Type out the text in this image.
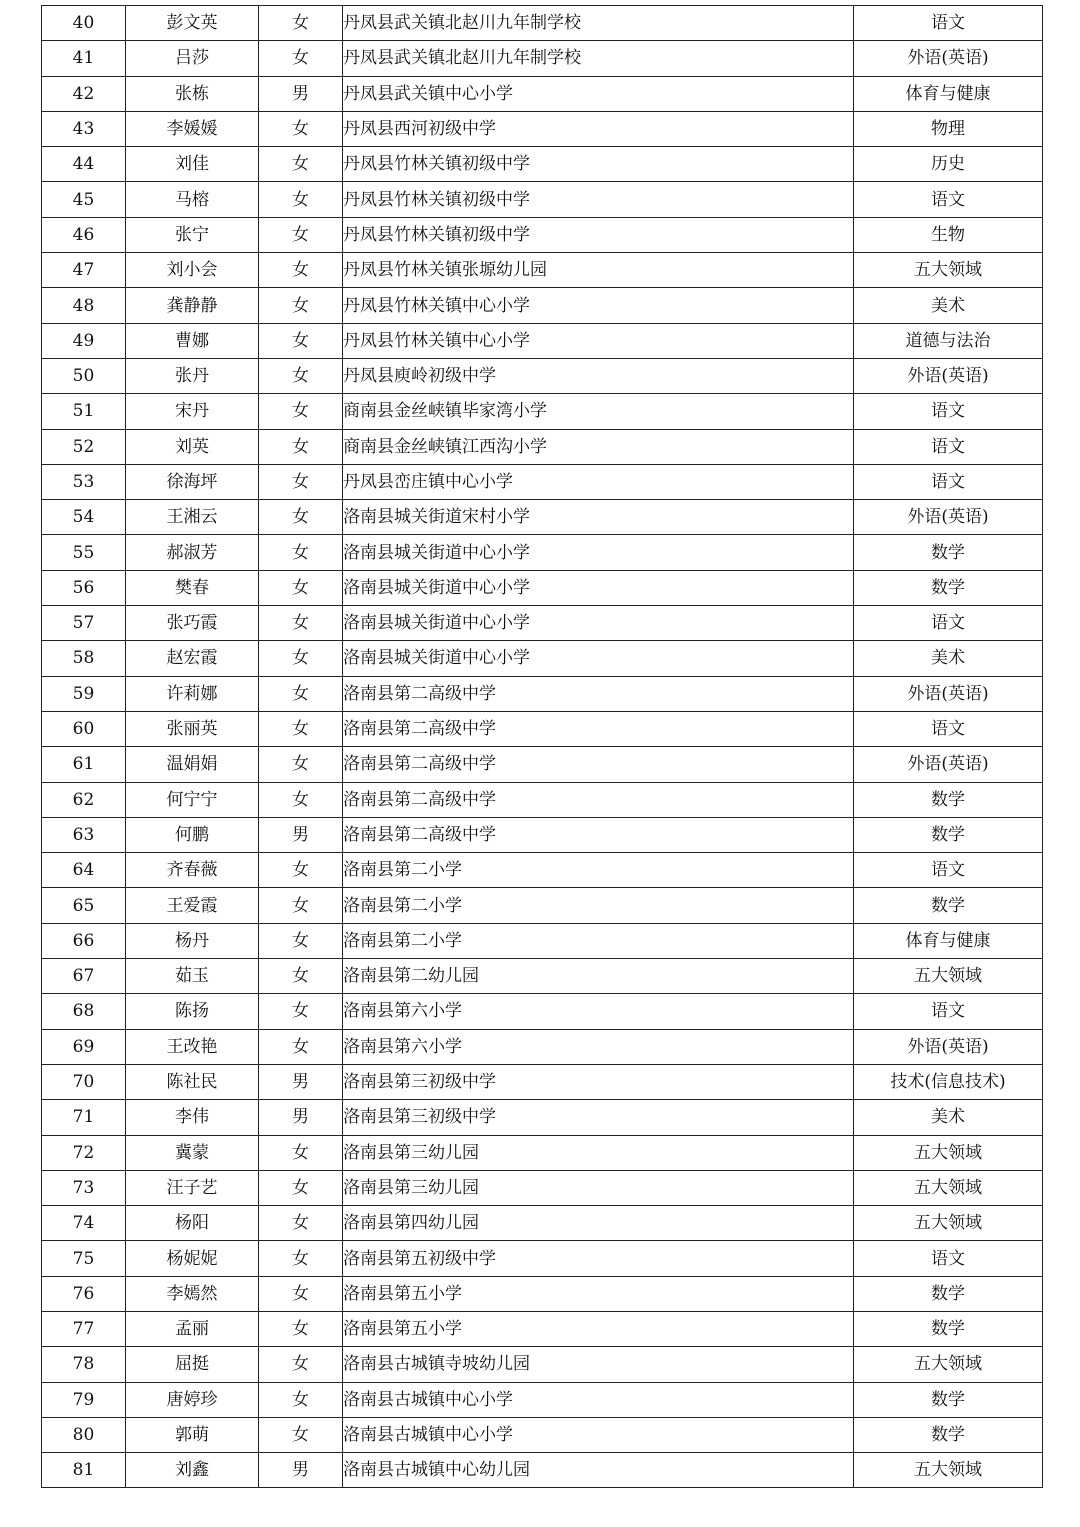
40	彭文英	女	丹凤县武关镇北赵川九年制学校	语文
41	吕莎	女	丹凤县武关镇北赵川九年制学校	外语(英语)
42	张栋	男	丹凤县武关镇中心小学	体育与健康
43	李媛媛	女	丹凤县西河初级中学	物理
44	刘佳	女	丹凤县竹林关镇初级中学	历史
45	马榕	女	丹凤县竹林关镇初级中学	语文
46	张宁	女	丹凤县竹林关镇初级中学	生物
47	刘小会	女	丹凤县竹林关镇张塬幼儿园	五大领域
48	龚静静	女	丹凤县竹林关镇中心小学	美术
49	曹娜	女	丹凤县竹林关镇中心小学	道德与法治
50	张丹	女	丹凤县庾岭初级中学	外语(英语)
51	宋丹	女	商南县金丝峡镇毕家湾小学	语文
52	刘英	女	商南县金丝峡镇江西沟小学	语文
53	徐海坪	女	丹凤县峦庄镇中心小学	语文
54	王湘云	女	洛南县城关街道宋村小学	外语(英语)
55	郝淑芳	女	洛南县城关街道中心小学	数学
56	樊春	女	洛南县城关街道中心小学	数学
57	张巧霞	女	洛南县城关街道中心小学	语文
58	赵宏霞	女	洛南县城关街道中心小学	美术
59	许莉娜	女	洛南县第二高级中学	外语(英语)
60	张丽英	女	洛南县第二高级中学	语文
61	温娟娟	女	洛南县第二高级中学	外语(英语)
62	何宁宁	女	洛南县第二高级中学	数学
63	何鹏	男	洛南县第二高级中学	数学
64	齐春薇	女	洛南县第二小学	语文
65	王爱霞	女	洛南县第二小学	数学
66	杨丹	女	洛南县第二小学	体育与健康
67	茹玉	女	洛南县第二幼儿园	五大领域
68	陈扬	女	洛南县第六小学	语文
69	王改艳	女	洛南县第六小学	外语(英语)
70	陈社民	男	洛南县第三初级中学	技术(信息技术)
71	李伟	男	洛南县第三初级中学	美术
72	冀蒙	女	洛南县第三幼儿园	五大领域
73	汪子艺	女	洛南县第三幼儿园	五大领域
74	杨阳	女	洛南县第四幼儿园	五大领域
75	杨妮妮	女	洛南县第五初级中学	语文
76	李嫣然	女	洛南县第五小学	数学
77	孟丽	女	洛南县第五小学	数学
78	屈挺	女	洛南县古城镇寺坡幼儿园	五大领域
79	唐婷珍	女	洛南县古城镇中心小学	数学
80	郭萌	女	洛南县古城镇中心小学	数学
81	刘鑫	男	洛南县古城镇中心幼儿园	五大领域
